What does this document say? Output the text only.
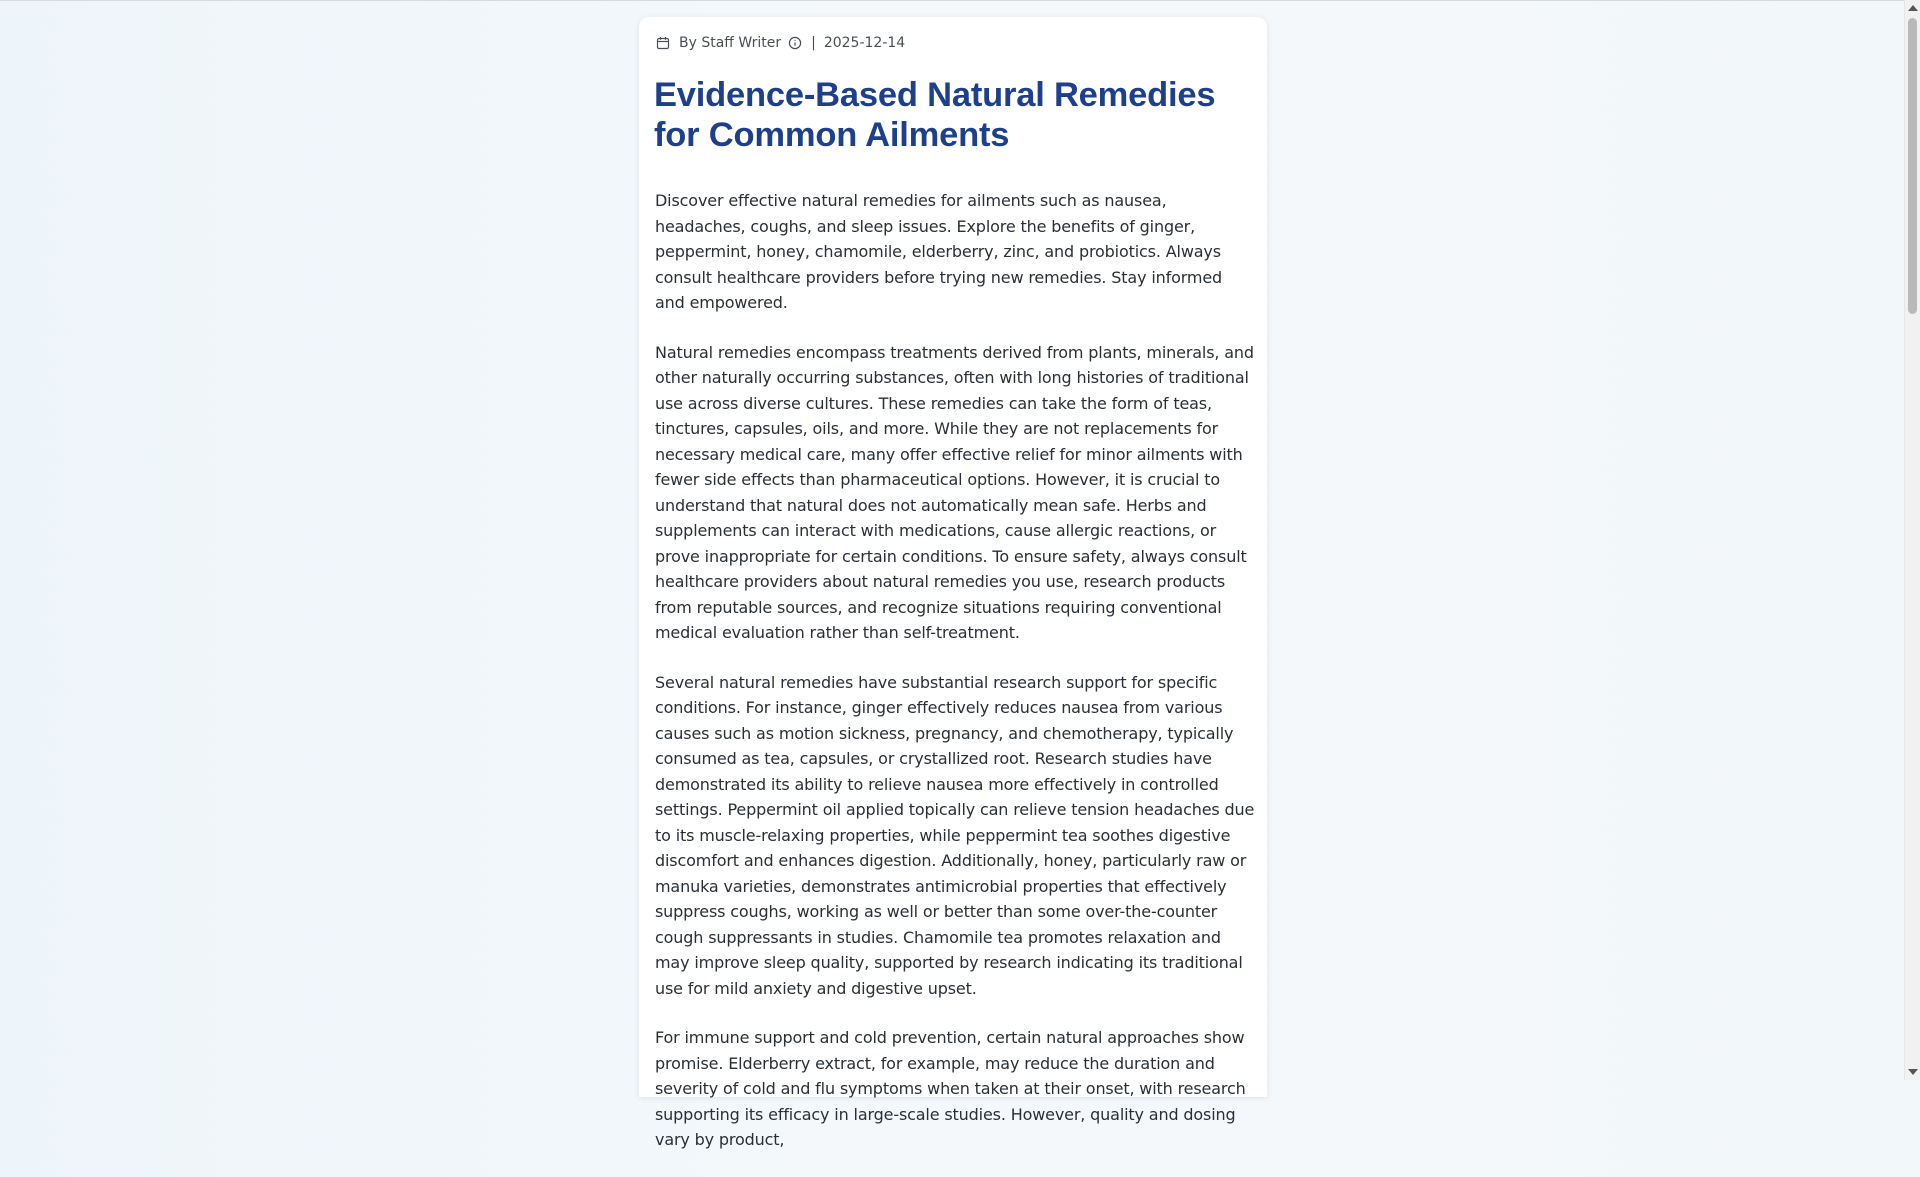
By Staff Writer | 2025-12-14
Evidence-Based Natural Remedies for Common Ailments

Discover effective natural remedies for ailments such as nausea, headaches, coughs, and sleep issues. Explore the benefits of ginger, peppermint, honey, chamomile, elderberry, zinc, and probiotics. Always consult healthcare providers before trying new remedies. Stay informed and empowered.

Natural remedies encompass treatments derived from plants, minerals, and other naturally occurring substances, often with long histories of traditional use across diverse cultures. These remedies can take the form of teas, tinctures, capsules, oils, and more. While they are not replacements for necessary medical care, many offer effective relief for minor ailments with fewer side effects than pharmaceutical options. However, it is crucial to understand that natural does not automatically mean safe. Herbs and supplements can interact with medications, cause allergic reactions, or prove inappropriate for certain conditions. To ensure safety, always consult healthcare providers about natural remedies you use, research products from reputable sources, and recognize situations requiring conventional medical evaluation rather than self-treatment.

Several natural remedies have substantial research support for specific conditions. For instance, ginger effectively reduces nausea from various causes such as motion sickness, pregnancy, and chemotherapy, typically consumed as tea, capsules, or crystallized root. Research studies have demonstrated its ability to relieve nausea more effectively in controlled settings. Peppermint oil applied topically can relieve tension headaches due to its muscle-relaxing properties, while peppermint tea soothes digestive discomfort and enhances digestion. Additionally, honey, particularly raw or manuka varieties, demonstrates antimicrobial properties that effectively suppress coughs, working as well or better than some over-the-counter cough suppressants in studies. Chamomile tea promotes relaxation and may improve sleep quality, supported by research indicating its traditional use for mild anxiety and digestive upset.

For immune support and cold prevention, certain natural approaches show promise. Elderberry extract, for example, may reduce the duration and severity of cold and flu symptoms when taken at their onset, with research supporting its efficacy in large-scale studies. However, quality and dosing vary by product,
